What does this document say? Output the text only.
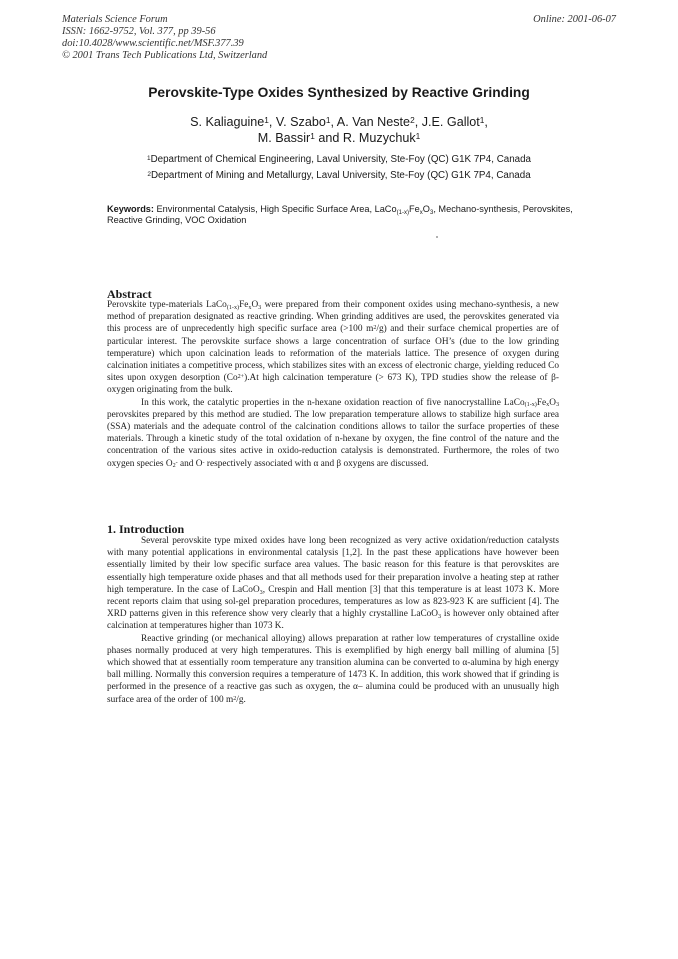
Materials Science Forum
ISSN: 1662-9752, Vol. 377, pp 39-56
doi:10.4028/www.scientific.net/MSF.377.39
© 2001 Trans Tech Publications Ltd, Switzerland
Online: 2001-06-07
Perovskite-Type Oxides Synthesized by Reactive Grinding
S. Kaliaguine$^1$, V. Szabo$^1$, A. Van Neste$^2$, J.E. Gallot$^1$,
M. Bassir$^1$ and R. Muzychuk$^1$
$^1$Department of Chemical Engineering, Laval University, Ste-Foy (QC) G1K 7P4, Canada
$^2$Department of Mining and Metallurgy, Laval University, Ste-Foy (QC) G1K 7P4, Canada
Keywords: Environmental Catalysis, High Specific Surface Area, $LaCo_{(1-x)}Fe_xO_3$, Mechano-synthesis, Perovskites, Reactive Grinding, VOC Oxidation
Abstract

Perovskite type-materials $LaCo_{(1-x)}Fe_xO_3$ were prepared from their component oxides using mechano-synthesis, a new method of preparation designated as reactive grinding. When grinding additives are used, the perovskites generated via this process are of unprecedently high specific surface area (>100 $m^2/g$) and their surface chemical properties are of particular interest. The perovskite surface shows a large concentration of surface OH’s (due to the low grinding temperature) which upon calcination leads to reformation of the materials lattice. The presence of oxygen during calcination initiates a competitive process, which stabilizes sites with an excess of electronic charge, yielding reduced Co sites upon oxygen desorption $(Co^{2+}).At$ high calcination temperature (> 673 K), TPD studies show the release of β-oxygen originating from the bulk.

In this work, the catalytic properties in the n-hexane oxidation reaction of five nanocrystalline $LaCo_{(1-x)}Fe_xO_3$ perovskites prepared by this method are studied. The low preparation temperature allows to stabilize high surface area (SSA) materials and the adequate control of the calcination conditions allows to tailor the surface properties of these materials. Through a kinetic study of the total oxidation of n-hexane by oxygen, the fine control of the nature and the concentration of the various sites active in oxido-reduction catalysis is demonstrated. Furthermore, the roles of two oxygen species $O_2^-$ and O- respectively associated with α and β oxygens are discussed.

1. Introduction

Several perovskite type mixed oxides have long been recognized as very active oxidation/reduction catalysts with many potential applications in environmental catalysis [1,2]. In the past these applications have however been essentially limited by their low specific surface area values. The basic reason for this feature is that perovskites are essentially high temperature oxide phases and that all methods used for their preparation involve a heating step at rather high temperature. In the case of LaCoO$_3$, Crespin and Hall mention [3] that this temperature is at least 1073 K. More recent reports claim that using sol-gel preparation procedures, temperatures as low as 823-923 K are sufficient [4]. The XRD patterns given in this reference show very clearly that a highly crystalline LaCoO$_3$ is however only obtained after calcination at temperatures higher than 1073 K.

Reactive grinding (or mechanical alloying) allows preparation at rather low temperatures of crystalline oxide phases normally produced at very high temperatures. This is exemplified by high energy ball milling of alumina [5] which showed that at essentially room temperature any transition alumina can be converted to α-alumina by high energy ball milling. Normally this conversion requires a temperature of 1473 K. In addition, this work showed that if grinding is performed in the presence of a reactive gas such as oxygen, the α– alumina could be produced with an unusually high surface area of the order of 100 $m^2/g$.
